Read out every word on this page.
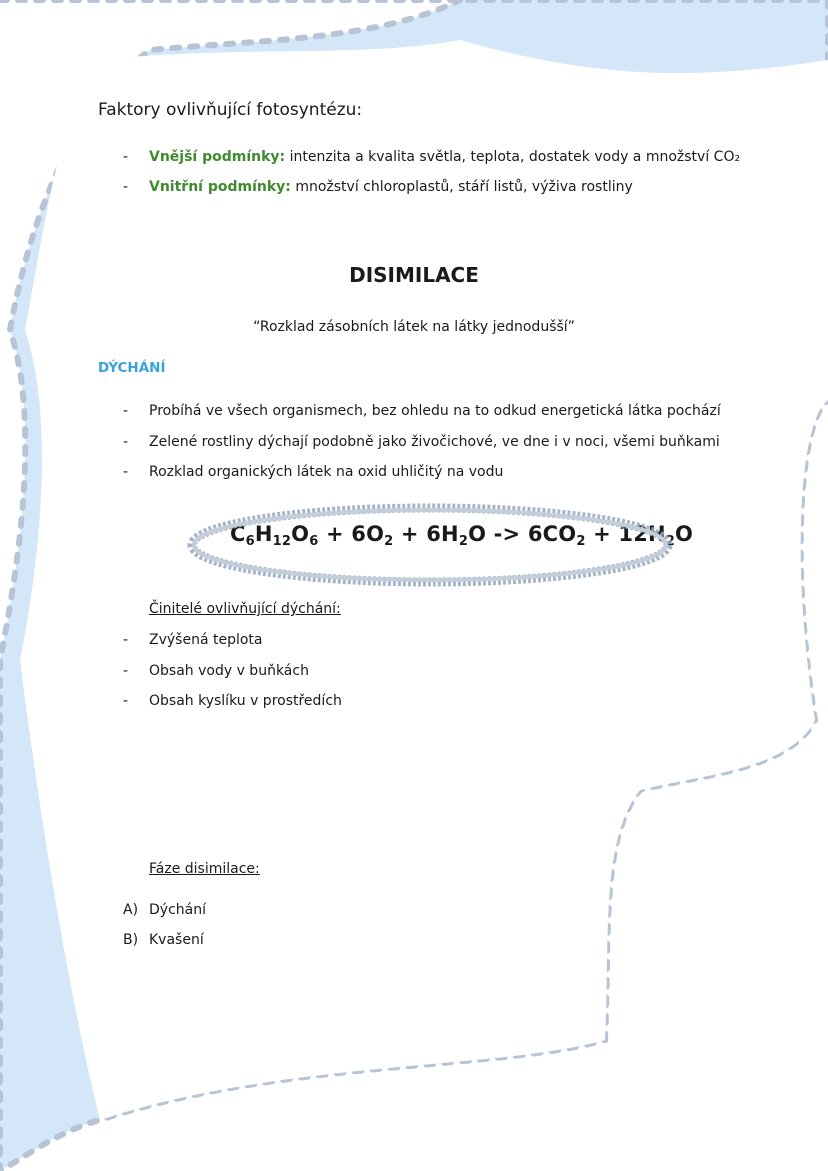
Faktory ovlivňující fotosyntézu:
- Vnější podmínky: intenzita a kvalita světla, teplota, dostatek vody a množství CO₂
- Vnitřní podmínky: množství chloroplastů, stáří listů, výživa rostliny
DISIMILACE
“Rozklad zásobních látek na látky jednodušší”
DÝCHÁNÍ
- Probíhá ve všech organismech, bez ohledu na to odkud energetická látka pochází
- Zelené rostliny dýchají podobně jako živočichové, ve dne i v noci, všemi buňkami
- Rozklad organických látek na oxid uhličitý na vodu
$C_6H_{12}O_6 + 6O_2 + 6H_2O -> 6CO_2 + 12H_2O$
Činitelé ovlivňující dýchání:
- Zvýšená teplota
- Obsah vody v buňkách
- Obsah kyslíku v prostředích
Fáze disimilace:
A) Dýchání
B) Kvašení
